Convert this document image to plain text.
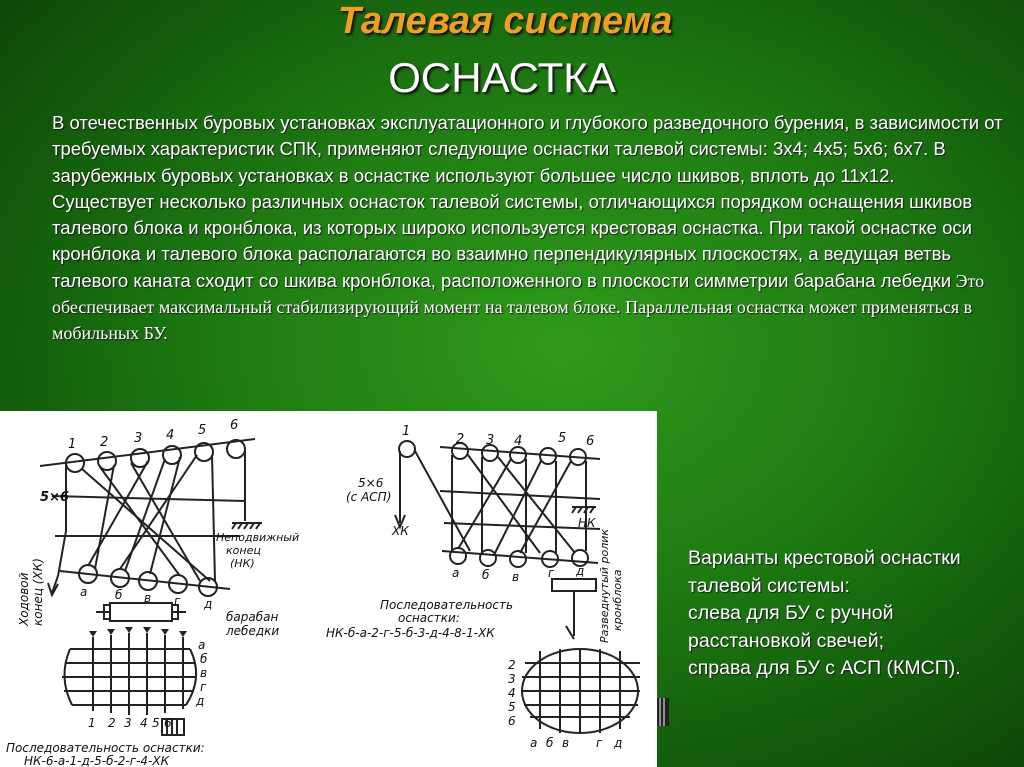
Талевая система
ОСНАСТКА

В отечественных буровых установках эксплуатационного и глубокого разведочного бурения, в зависимости от требуемых характеристик СПК, применяют следующие оснастки талевой системы: 3х4; 4х5; 5х6; 6х7. В зарубежных буровых установках в оснастке используют большее число шкивов, вплоть до 11х12.

Существует несколько различных оснасток талевой системы, отличающихся порядком оснащения шкивов талевого блока и кронблока, из которых широко используется крестовая оснастка. При такой оснастке оси кронблока и талевого блока располагаются во взаимно перпендикулярных плоскостях, а ведущая ветвь талевого каната сходит со шкива кронблока, расположенного в плоскости симметрии барабана лебедки Это обеспечивает максимальный стабилизирующий момент на талевом блоке. Параллельная оснастка может применяться в мобильных БУ.

1 2 3 4 5 6
5×6
Неподвижный
конец
(НК)
а б в г д
барабан
лебедки
а
б
в
г
д
1 2 3 4 5 6
Последовательность оснастки:
НК-6-а-1-д-5-б-2-г-4-ХК
Ходовой конец (ХК)
1
2 3 4	5 6
5×6
(с АСП)
ХК
НК
а б в г д
Последовательность
оснастки:
НК-б-а-2-г-5-б-3-д-4-8-1-ХК
2
3
4
5
6
а б в г д
Разведнутый ролик кронблока
Варианты крестовой оснастки
талевой системы:
слева для БУ с ручной
расстановкой свечей;
справа для БУ с АСП (КМСП).
